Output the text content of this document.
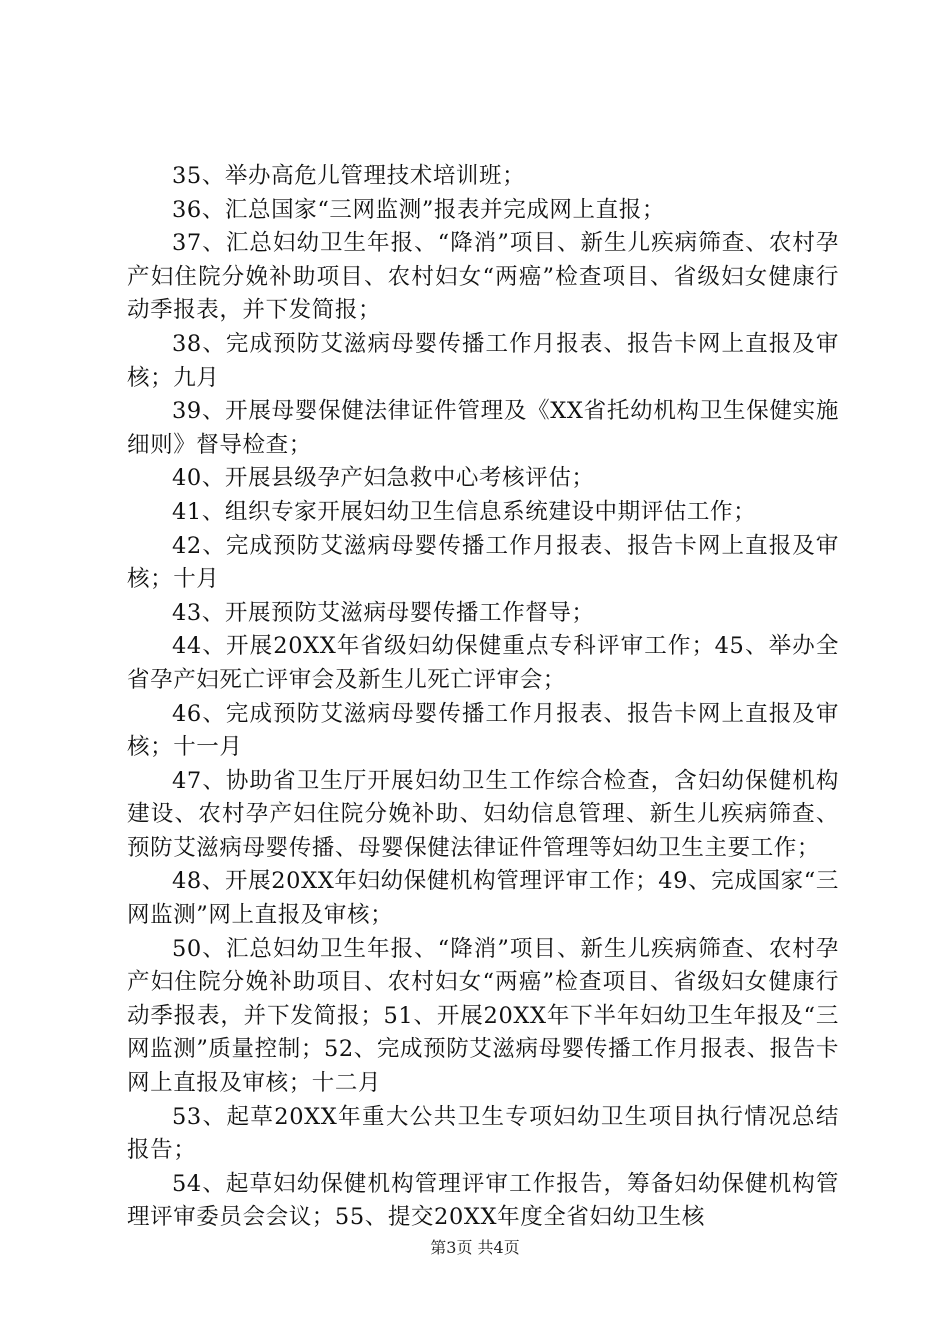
35、举办高危儿管理技术培训班；

36、汇总国家“三网监测”报表并完成网上直报；

37、汇总妇幼卫生年报、“降消”项目、新生儿疾病筛查、农村孕产妇住院分娩补助项目、农村妇女“两癌”检查项目、省级妇女健康行动季报表，并下发简报；

38、完成预防艾滋病母婴传播工作月报表、报告卡网上直报及审核；九月

39、开展母婴保健法律证件管理及《XX省托幼机构卫生保健实施细则》督导检查；

40、开展县级孕产妇急救中心考核评估；

41、组织专家开展妇幼卫生信息系统建设中期评估工作；

42、完成预防艾滋病母婴传播工作月报表、报告卡网上直报及审核；十月

43、开展预防艾滋病母婴传播工作督导；

44、开展20XX年省级妇幼保健重点专科评审工作；45、举办全省孕产妇死亡评审会及新生儿死亡评审会；

46、完成预防艾滋病母婴传播工作月报表、报告卡网上直报及审核；十一月

47、协助省卫生厅开展妇幼卫生工作综合检查，含妇幼保健机构建设、农村孕产妇住院分娩补助、妇幼信息管理、新生儿疾病筛查、预防艾滋病母婴传播、母婴保健法律证件管理等妇幼卫生主要工作；

48、开展20XX年妇幼保健机构管理评审工作；49、完成国家“三网监测”网上直报及审核；

50、汇总妇幼卫生年报、“降消”项目、新生儿疾病筛查、农村孕产妇住院分娩补助项目、农村妇女“两癌”检查项目、省级妇女健康行动季报表，并下发简报；51、开展20XX年下半年妇幼卫生年报及“三网监测”质量控制；52、完成预防艾滋病母婴传播工作月报表、报告卡网上直报及审核；十二月

53、起草20XX年重大公共卫生专项妇幼卫生项目执行情况总结报告；

54、起草妇幼保健机构管理评审工作报告，筹备妇幼保健机构管理评审委员会会议；55、提交20XX年度全省妇幼卫生核

第3页 共4页
